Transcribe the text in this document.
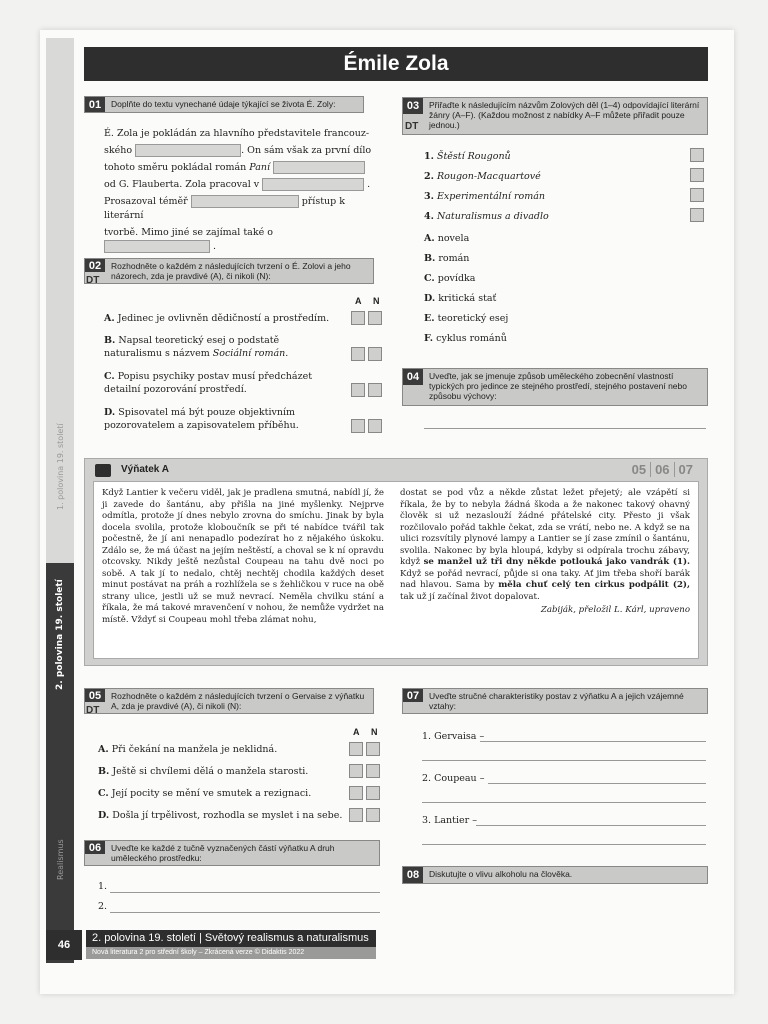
2. polovina 19. století
1. polovina 19. století
Realismus
Émile Zola
01	Doplňte do textu vynechané údaje týkající se života É. Zoly:
É. Zola je pokládán za hlavního představitele francouz-
ského	. On sám však za první dílo
tohoto směru pokládal román Paní
od G. Flauberta. Zola pracoval v	.
Prosazoval téměř	přístup k literární
tvorbě. Mimo jiné se zajímal také o  .
02	Rozhodněte o každém z následujících tvrzení o É. Zolovi a jeho názorech, zda je pravdivé (A), či nikoli (N):
DT
A N
A. Jedinec je ovlivněn dědičností a prostředím.
B. Napsal teoretický esej o podstatě naturalismu s názvem Sociální román.
C. Popisu psychiky postav musí předcházet detailní pozorování prostředí.
D. Spisovatel má být pouze objektivním pozorovatelem a zapisovatelem příběhu.
03	Přiřaďte k následujícím názvům Zolových děl (1–4) odpovídající literární žánry (A–F). (Každou možnost z nabídky A–F můžete přiřadit pouze jednou.)
DT
1. Štěstí Rougonů
2. Rougon-Macquartové
3. Experimentální román
4. Naturalismus a divadlo
A. novela
B. román
C. povídka
D. kritická stať
E. teoretický esej
F. cyklus románů
04	Uveďte, jak se jmenuje způsob uměleckého zobecnění vlastností typických pro jedince ze stejného prostředí, stejného postavení nebo způsobu výchovy:
Výňatek A	05 06 07
Když Lantier k večeru viděl, jak je pradlena smutná, nabídl jí, že ji zavede do šantánu, aby přišla na jiné myšlenky. Nejprve odmítla, protože jí dnes nebylo zrovna do smíchu. Jinak by byla docela svolila, protože kloboučník se při té nabídce tvářil tak počestně, že jí ani nenapadlo podezírat ho z nějakého úskoku. Zdálo se, že má účast na jejím neštěstí, a choval se k ní opravdu otcovsky. Nikdy ještě nezůstal Coupeau na tahu dvě noci po sobě. A tak jí to nedalo, chtěj nechtěj chodila každých deset minut postávat na práh a rozhlížela se s žehličkou v ruce na obě strany ulice, jestli už se muž nevrací. Neměla chvilku stání a říkala, že má takové mravenčení v nohou, že nemůže vydržet na místě. Vždyť si Coupeau mohl třeba zlámat nohu,
dostat se pod vůz a někde zůstat ležet přejetý; ale vzápětí si říkala, že by to nebyla žádná škoda a že nakonec takový ohavný člověk si už nezaslouží žádné přátelské city. Přesto ji však rozčilovalo pořád takhle čekat, zda se vrátí, nebo ne. A když se na ulici rozsvítily plynové lampy a Lantier se jí zase zmínil o šantánu, svolila. Nakonec by byla hloupá, kdyby si odpírala trochu zábavy, když se manžel už tři dny někde potlouká jako vandrák (1). Když se pořád nevrací, půjde si ona taky. Ať jim třeba shoří barák nad hlavou. Sama by měla chuť celý ten cirkus podpálit (2), tak už jí začínal život dopalovat.
Zabiják, přeložil L. Kárl, upraveno
05	Rozhodněte o každém z následujících tvrzení o Gervaise z výňatku A, zda je pravdivé (A), či nikoli (N):
DT
A N
A. Při čekání na manžela je neklidná.
B. Ještě si chvílemi dělá o manžela starosti.
C. Její pocity se mění ve smutek a rezignaci.
D. Došla jí trpělivost, rozhodla se myslet i na sebe.
06	Uveďte ke každé z tučně vyznačených částí výňatku A druh uměleckého prostředku:
1.
2.
07	Uveďte stručné charakteristiky postav z výňatku A a jejich vzájemné vztahy:
1. Gervaisa –
2. Coupeau –
3. Lantier –
08	Diskutujte o vlivu alkoholu na člověka.
46
2. polovina 19. století | Světový realismus a naturalismus
Nová literatura 2 pro střední školy – Zkrácená verze © Didaktis 2022
